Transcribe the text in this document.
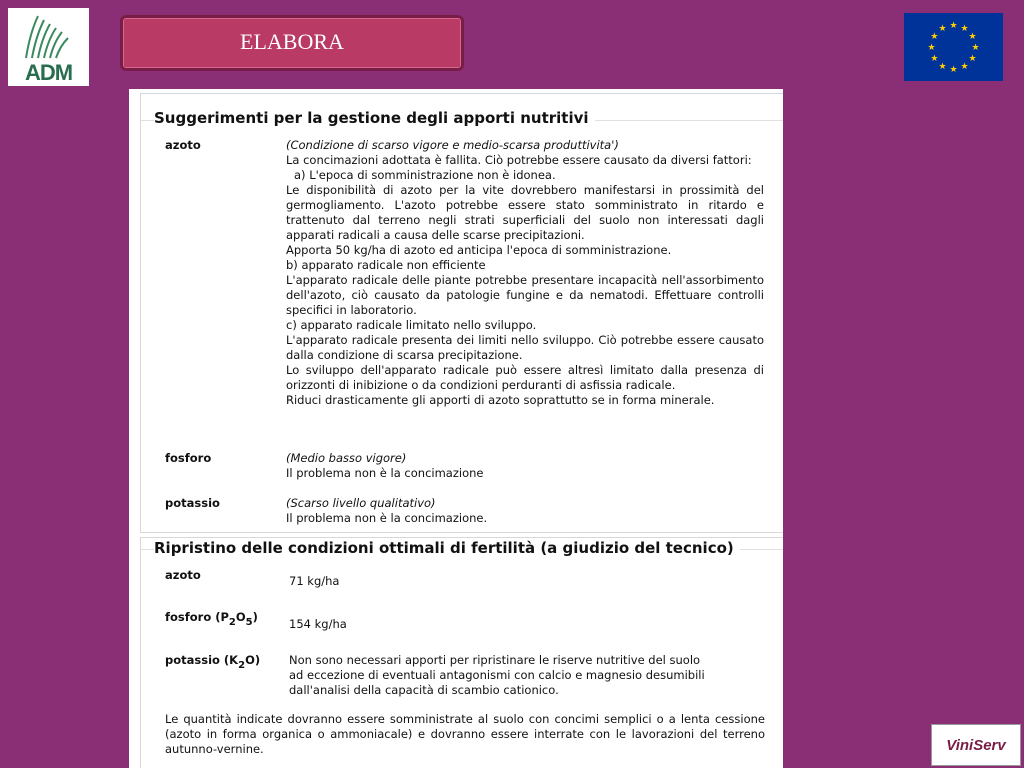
ADM
ELABORA
★ ★
★
★
★
★
★
★
★
★
★
★
Suggerimenti per la gestione degli apporti nutritivi
azoto	(Condizione di scarso vigore e medio-scarsa produttivita')

La concimazioni adottata è fallita. Ciò potrebbe essere causato da diversi fattori:

a) L'epoca di somministrazione non è idonea.

Le disponibilità di azoto per la vite dovrebbero manifestarsi in prossimità del germogliamento. L'azoto potrebbe essere stato somministrato in ritardo e trattenuto dal terreno negli strati superficiali del suolo non interessati dagli apparati radicali a causa delle scarse precipitazioni.

Apporta 50 kg/ha di azoto ed anticipa l'epoca di somministrazione.

b) apparato radicale non efficiente

L'apparato radicale delle piante potrebbe presentare incapacità nell'assorbimento dell'azoto, ciò causato da patologie fungine e da nematodi. Effettuare controlli specifici in laboratorio.

c) apparato radicale limitato nello sviluppo.

L'apparato radicale presenta dei limiti nello sviluppo. Ciò potrebbe essere causato dalla condizione di scarsa precipitazione.

Lo sviluppo dell'apparato radicale può essere altresì limitato dalla presenza di orizzonti di inibizione o da condizioni perduranti di asfissia radicale.

Riduci drasticamente gli apporti di azoto soprattutto se in forma minerale.

fosforo	(Medio basso vigore)

Il problema non è la concimazione

potassio	(Scarso livello qualitativo)

Il problema non è la concimazione.

Ripristino delle condizioni ottimali di fertilità (a giudizio del tecnico)
azoto	71 kg/ha
fosforo $(P_2O_5)$	154 kg/ha
potassio $(K_2O)$	Non sono necessari apporti per ripristinare le riserve nutritive del suolo

ad eccezione di eventuali antagonismi con calcio e magnesio desumibili

dall'analisi della capacità di scambio cationico.

Le quantità indicate dovranno essere somministrate al suolo con concimi semplici o a lenta cessione (azoto in forma organica o ammoniacale) e dovranno essere interrate con le lavorazioni del terreno autunno-vernine.	ViniServ
